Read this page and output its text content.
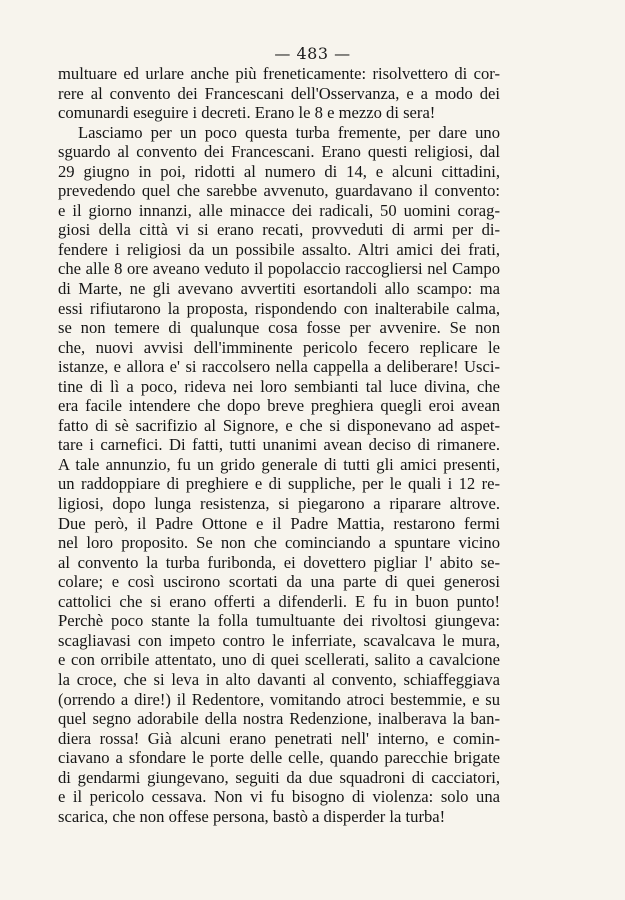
— 483 —
multuare ed urlare anche più freneticamente: risolvettero di cor-
rere al convento dei Francescani dell'Osservanza, e a modo dei
comunardi eseguire i decreti. Erano le 8 e mezzo di sera!
Lasciamo per un poco questa turba fremente, per dare uno
sguardo al convento dei Francescani. Erano questi religiosi, dal
29 giugno in poi, ridotti al numero di 14, e alcuni cittadini,
prevedendo quel che sarebbe avvenuto, guardavano il convento:
e il giorno innanzi, alle minacce dei radicali, 50 uomini corag-
giosi della città vi si erano recati, provveduti di armi per di-
fendere i religiosi da un possibile assalto. Altri amici dei frati,
che alle 8 ore aveano veduto il popolaccio raccogliersi nel Campo
di Marte, ne gli avevano avvertiti esortandoli allo scampo: ma
essi rifiutarono la proposta, rispondendo con inalterabile calma,
se non temere di qualunque cosa fosse per avvenire. Se non
che, nuovi avvisi dell'imminente pericolo fecero replicare le
istanze, e allora e' si raccolsero nella cappella a deliberare! Usci-
tine di lì a poco, rideva nei loro sembianti tal luce divina, che
era facile intendere che dopo breve preghiera quegli eroi avean
fatto di sè sacrifizio al Signore, e che si disponevano ad aspet-
tare i carnefici. Di fatti, tutti unanimi avean deciso di rimanere.
A tale annunzio, fu un grido generale di tutti gli amici presenti,
un raddoppiare di preghiere e di suppliche, per le quali i 12 re-
ligiosi, dopo lunga resistenza, si piegarono a riparare altrove.
Due però, il Padre Ottone e il Padre Mattia, restarono fermi
nel loro proposito. Se non che cominciando a spuntare vicino
al convento la turba furibonda, ei dovettero pigliar l' abito se-
colare; e così uscirono scortati da una parte di quei generosi
cattolici che si erano offerti a difenderli. E fu in buon punto!
Perchè poco stante la folla tumultuante dei rivoltosi giungeva:
scagliavasi con impeto contro le inferriate, scavalcava le mura,
e con orribile attentato, uno di quei scellerati, salito a cavalcione
la croce, che si leva in alto davanti al convento, schiaffeggiava
(orrendo a dire!) il Redentore, vomitando atroci bestemmie, e su
quel segno adorabile della nostra Redenzione, inalberava la ban-
diera rossa! Già alcuni erano penetrati nell' interno, e comin-
ciavano a sfondare le porte delle celle, quando parecchie brigate
di gendarmi giungevano, seguiti da due squadroni di cacciatori,
e il pericolo cessava. Non vi fu bisogno di violenza: solo una
scarica, che non offese persona, bastò a disperder la turba!
